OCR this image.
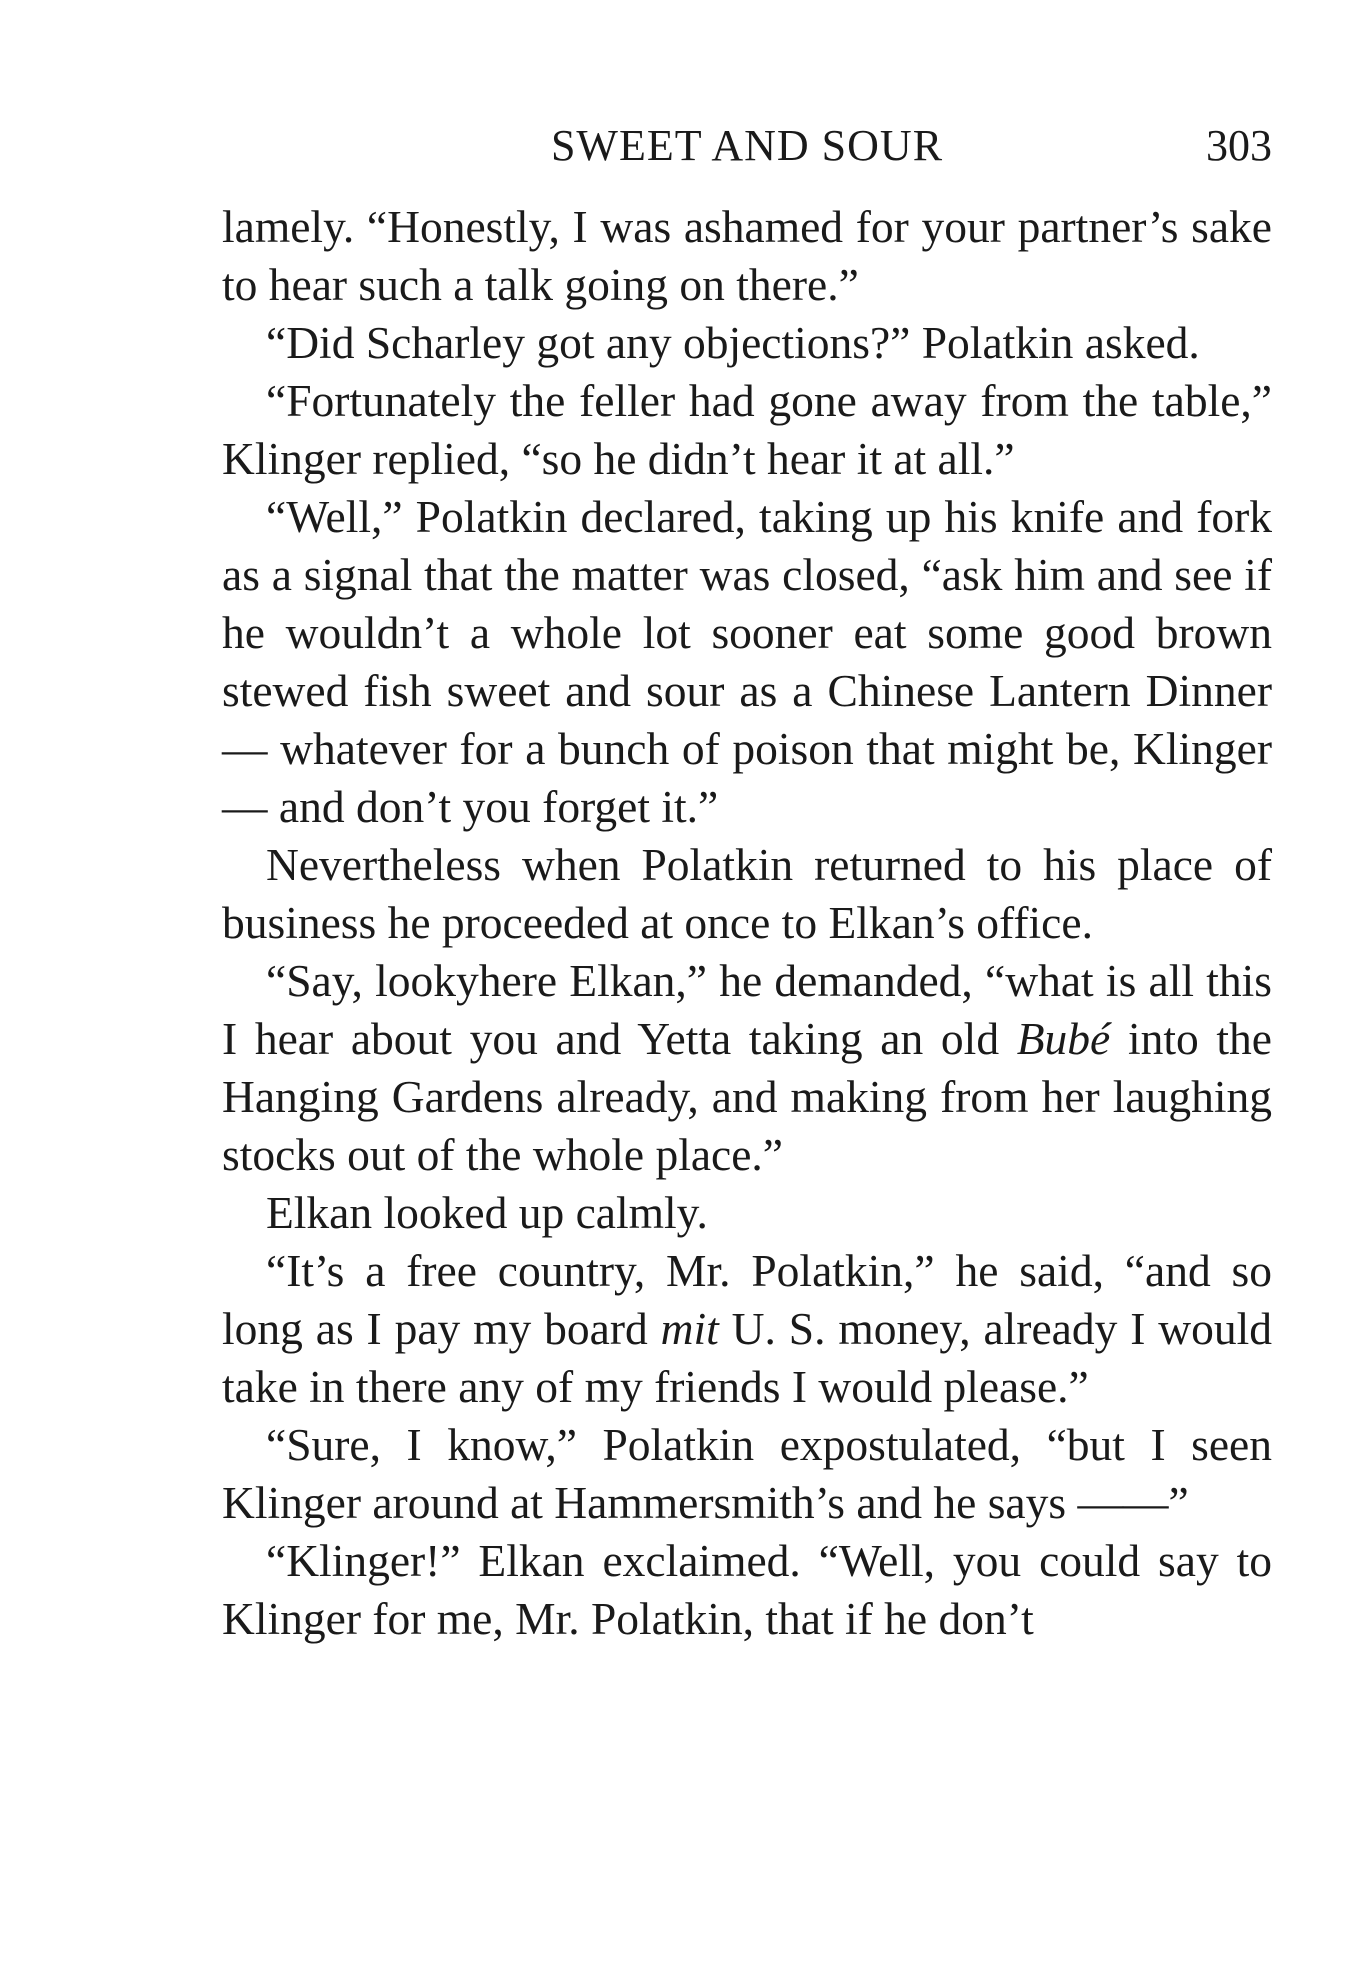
SWEET AND SOUR	303

lamely. “Honestly, I was ashamed for your partner’s sake to hear such a talk going on there.”

“Did Scharley got any objections?” Polatkin asked.

“Fortunately the feller had gone away from the table,” Klinger replied, “so he didn’t hear it at all.”

“Well,” Polatkin declared, taking up his knife and fork as a signal that the matter was closed, “ask him and see if he wouldn’t a whole lot sooner eat some good brown stewed fish sweet and sour as a Chinese Lantern Dinner — whatever for a bunch of poison that might be, Klinger — and don’t you forget it.”

Nevertheless when Polatkin returned to his place of business he proceeded at once to Elkan’s office.

“Say, lookyhere Elkan,” he demanded, “what is all this I hear about you and Yetta taking an old Bubé into the Hanging Gardens already, and making from her laughing stocks out of the whole place.”

Elkan looked up calmly.

“It’s a free country, Mr. Polatkin,” he said, “and so long as I pay my board mit U. S. money, already I would take in there any of my friends I would please.”

“Sure, I know,” Polatkin expostulated, “but I seen Klinger around at Hammersmith’s and he says ——”

“Klinger!” Elkan exclaimed. “Well, you could say to Klinger for me, Mr. Polatkin, that if he don’t
